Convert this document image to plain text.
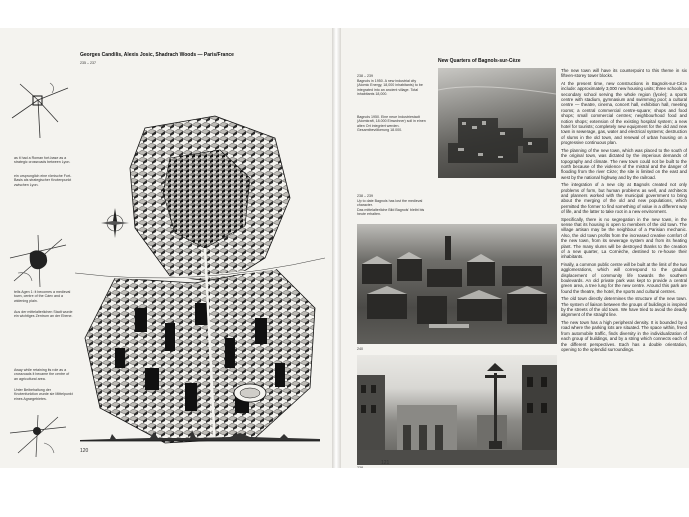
Georges Candilis, Alexis Josic, Shadrach Woods — Paris/France
235 – 237
as it had a Roman fort-base as a strategic crossroads between Lyon.
ein ursprunglich eine römische Fort-Basis als strategischer Knotenpunkt zwischen Lyon.
tells Agen 1: it becomes a medieval town, centre of the Cáex and a widening plain.
Aus der mittelalterlichen Stadt wurde ein wichtiges Zentrum an der Ebene.
Away while retaining its role as a crossroads it became the centre of an agricultural area.
Unter Beibehaltung der Knotenfunktion wurde sie Mittelpunkt eines Agrargebietes.
120
238 – 239
Bagnols in 1950. A new industrial city (Atomic Energy, 18,000 inhabitants) to be integrated into an ancient village. Total inhabitants 18,000.
Bagnols 1950. Eine neue Industriestadt (Atomkraft, 18.000 Einwohner) soll in einen alten Ort integriert werden. Gesamtbevölkerung 18.000.
238 – 239
Up to date Bagnols has lost the medieval character.
Das mittelalterliche Bild Bagnols' bleibt bis heute erhalten.
New Quarters of Bagnols-sur-Cèze
240
238

The new town will have its counterpoint to this theme in six fifteen-storey tower blocks.

At the present time, new constructions in Bagnols-sur-Cèze include: approximately 3,000 new housing units; three schools; a secondary school serving the whole region (lycée); a sports centre with stadium, gymnasium and swimming pool; a cultural centre — theatre, cinema, concert hall, exhibition hall, meeting rooms; a central commercial centre-square; shops and food shops; small commercial centres; neighbourhood food and notion shops; extension of the existing hospital system; a new hotel for tourists; completely new equipment for the old and new town in sewerage, gas, water and electrical systems; destruction of slums in the old town, and renewal of urban housing on a progressive continuous plan.

The planning of the new town, which was placed to the south of the original town, was dictated by the imperious demands of topography and climate. The new town could not be built to the north because of the violence of the mistral and the danger of flooding from the river Cèze; the site is limited on the east and west by the national highway and by the railroad.

The integration of a new city at Bagnols created not only problems of form, but human problems as well, and architects and planners worked with the municipal government to bring about the merging of the old and new populations, which permitted the former to find something of value in a different way of life, and the latter to take root in a new environment.

Specifically, there is no segregation in the new town, in the sense that its housing is open to members of the old town. The village artisan may be the neighbour of a Parisian mechanic. Also, the old town profits from the increased creative comfort of the new town, from its sewerage system and from its heating plant. The many slums will be destroyed thanks to the creation of a new quarter, La Cornèche, destined to re-house their inhabitants.

Finally, a common public centre will be built at the limit of the two agglomerations, which will correspond to the gradual displacement of community life towards the southern boulevards. An old private park was kept to provide a central green area, a tree lung for the new centre. Around this park are found the theatre, the hotel, the sports and cultural centres.

The old town directly determines the structure of the new town. The system of liaison between the groups of buildings is inspired by the streets of the old town. We have tried to avoid the deadly alignment of the straight line.

The new town has a high peripheral density. It is bounded by a road where the parking lots are situated. The space within, freed from automobile traffic, finds diversity in the individualization of each group of buildings, and by a string which connects each of the different perspectives. Each has a double orientation, opening to the splendid surroundings.

121
